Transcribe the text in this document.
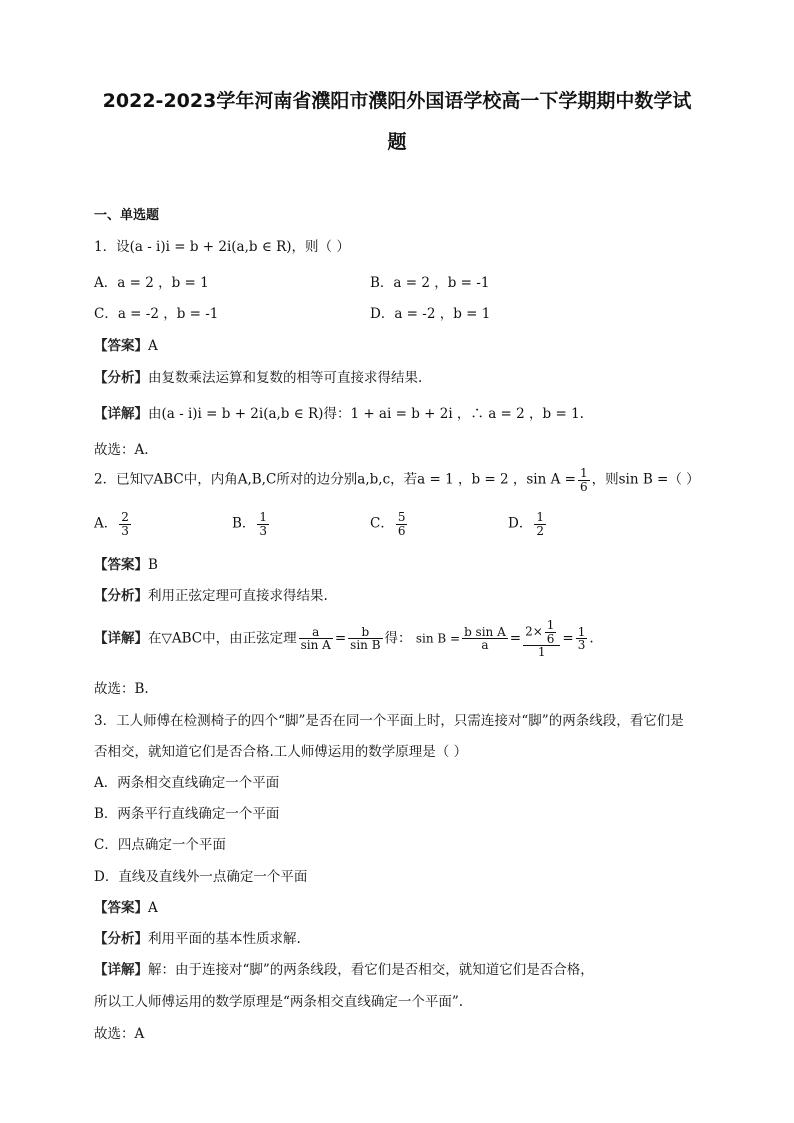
2022-2023学年河南省濮阳市濮阳外国语学校高一下学期期中数学试
题
一、单选题
1．设(a - i)i = b + 2i(a,b ∈ R)，则（ ）
A．a = 2 ，b = 1	B．a = 2 ，b = -1
C．a = -2 ，b = -1	D．a = -2 ，b = 1
【答案】A
【分析】由复数乘法运算和复数的相等可直接求得结果.
【详解】由(a - i)i = b + 2i(a,b ∈ R)得：1 + ai = b + 2i ，∴ a = 2 ，b = 1.
故选：A.
2．已知▽ABC中，内角A,B,C所对的边分别a,b,c，若a = 1 ，b = 2 ，$\sin A = \frac{1}{6}$ ，则sin B =（ ）
A． $\frac{2}{3}$	B． $\frac{1}{3}$	C． $\frac{5}{6}$	D． $\frac{1}{2}$
【答案】B
【分析】利用正弦定理可直接求得结果.
【详解】在▽ABC中，由正弦定理 $\frac{a}{\text{sin A}} = \frac{b}{\text{sin B}}$ 得： $\sin B = \frac{\text{b sin A}}{a} = \frac{2\times \frac{1}{6}}{1} = \frac{1}{3}$ .
故选：B.
3．工人师傅在检测椅子的四个“脚”是否在同一个平面上时，只需连接对“脚”的两条线段，看它们是
否相交，就知道它们是否合格.工人师傅运用的数学原理是（ ）
A．两条相交直线确定一个平面
B．两条平行直线确定一个平面
C．四点确定一个平面
D．直线及直线外一点确定一个平面
【答案】A
【分析】利用平面的基本性质求解.
【详解】解：由于连接对“脚”的两条线段，看它们是否相交，就知道它们是否合格，
所以工人师傅运用的数学原理是“两条相交直线确定一个平面”.
故选：A
